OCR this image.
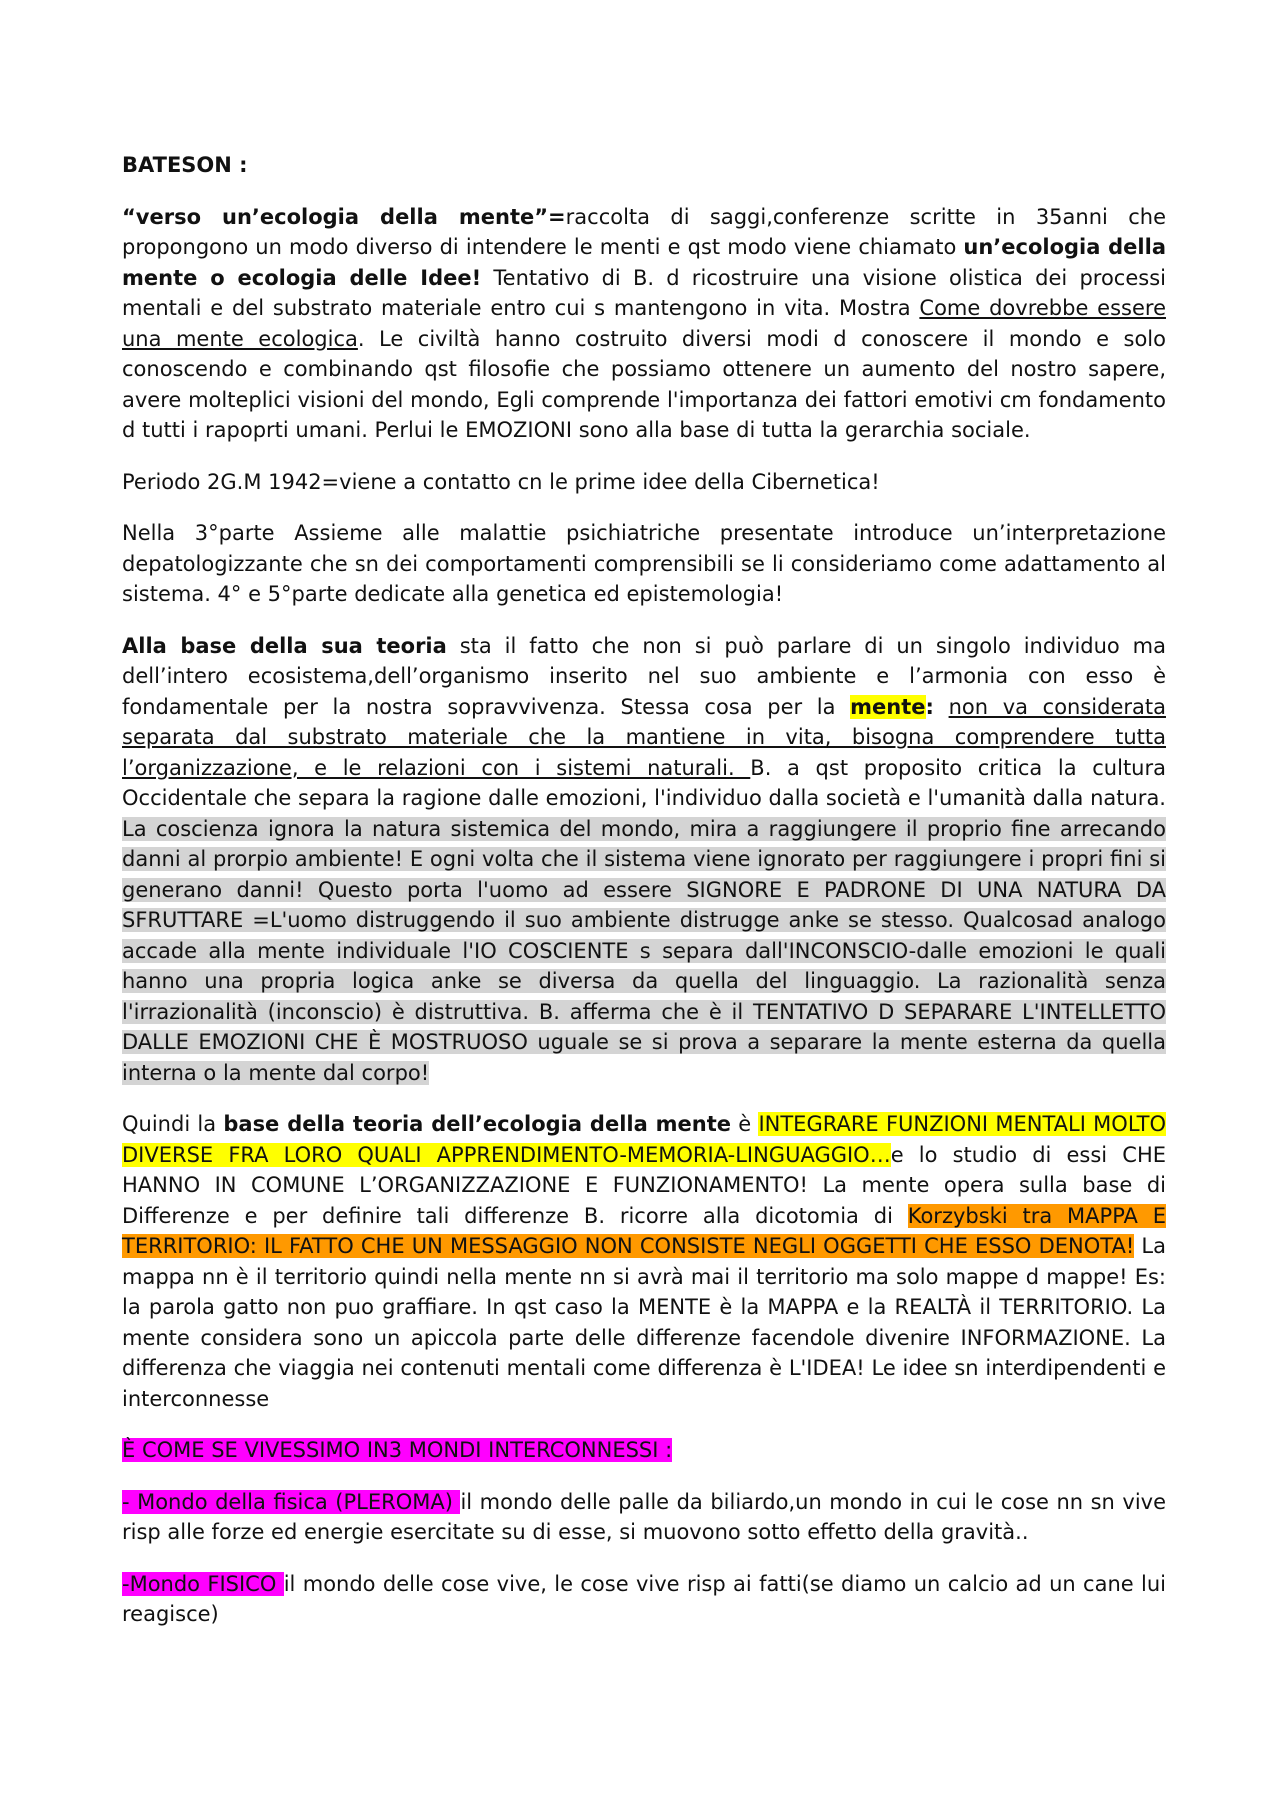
BATESON :

“verso un’ecologia della mente”=raccolta di saggi,conferenze scritte in 35anni che propongono un modo diverso di intendere le menti e qst modo viene chiamato un’ecologia della mente o ecologia delle Idee! Tentativo di B. d ricostruire una visione olistica dei processi mentali e del substrato materiale entro cui s mantengono in vita. Mostra Come dovrebbe essere una mente ecologica. Le civiltà hanno costruito diversi modi d conoscere il mondo e solo conoscendo e combinando qst filosofie che possiamo ottenere un aumento del nostro sapere, avere molteplici visioni del mondo, Egli comprende l'importanza dei fattori emotivi cm fondamento d tutti i rapoprti umani. Perlui le EMOZIONI sono alla base di tutta la gerarchia sociale.

Periodo 2G.M 1942=viene a contatto cn le prime idee della Cibernetica!

Nella 3°parte Assieme alle malattie psichiatriche presentate introduce un’interpretazione depatologizzante che sn dei comportamenti comprensibili se li consideriamo come adattamento al sistema. 4° e 5°parte dedicate alla genetica ed epistemologia!

Alla base della sua teoria sta il fatto che non si può parlare di un singolo individuo ma dell’intero ecosistema,dell’organismo inserito nel suo ambiente e l’armonia con esso è fondamentale per la nostra sopravvivenza. Stessa cosa per la mente: non va considerata separata dal substrato materiale che la mantiene in vita, bisogna comprendere tutta l’organizzazione, e le relazioni con i sistemi naturali. B. a qst proposito critica la cultura Occidentale che separa la ragione dalle emozioni, l'individuo dalla società e l'umanità dalla natura. La coscienza ignora la natura sistemica del mondo, mira a raggiungere il proprio fine arrecando danni al prorpio ambiente! E ogni volta che il sistema viene ignorato per raggiungere i propri fini si generano danni! Questo porta l'uomo ad essere SIGNORE E PADRONE DI UNA NATURA DA SFRUTTARE =L'uomo distruggendo il suo ambiente distrugge anke se stesso. Qualcosad analogo accade alla mente individuale l'IO COSCIENTE s separa dall'INCONSCIO-dalle emozioni le quali hanno una propria logica anke se diversa da quella del linguaggio. La razionalità senza l'irrazionalità (inconscio) è distruttiva. B. afferma che è il TENTATIVO D SEPARARE L'INTELLETTO DALLE EMOZIONI CHE È MOSTRUOSO uguale se si prova a separare la mente esterna da quella interna o la mente dal corpo!

Quindi la base della teoria dell’ecologia della mente è INTEGRARE FUNZIONI MENTALI MOLTO DIVERSE FRA LORO QUALI APPRENDIMENTO-MEMORIA-LINGUAGGIO…e lo studio di essi CHE HANNO IN COMUNE L’ORGANIZZAZIONE E FUNZIONAMENTO! La mente opera sulla base di Differenze e per definire tali differenze B. ricorre alla dicotomia di Korzybski tra MAPPA E TERRITORIO: IL FATTO CHE UN MESSAGGIO NON CONSISTE NEGLI OGGETTI CHE ESSO DENOTA! La mappa nn è il territorio quindi nella mente nn si avrà mai il territorio ma solo mappe d mappe! Es: la parola gatto non puo graffiare. In qst caso la MENTE è la MAPPA e la REALTÀ il TERRITORIO. La mente considera sono un apiccola parte delle differenze facendole divenire INFORMAZIONE. La differenza che viaggia nei contenuti mentali come differenza è L'IDEA! Le idee sn interdipendenti e interconnesse

È COME SE VIVESSIMO IN3 MONDI INTERCONNESSI :

- Mondo della fisica (PLEROMA) il mondo delle palle da biliardo,un mondo in cui le cose nn sn vive risp alle forze ed energie esercitate su di esse, si muovono sotto effetto della gravità..

-Mondo FISICO il mondo delle cose vive, le cose vive risp ai fatti(se diamo un calcio ad un cane lui reagisce)
